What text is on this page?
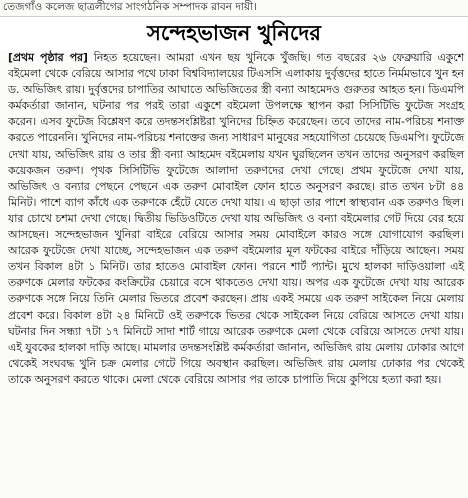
তেজগাঁও কলেজ ছাত্রলীগের সাংগঠনিক সম্পাদক রাবন দায়ী।
সন্দেহভাজন খুনিদের
[প্রথম পৃষ্ঠার পর] নিহত হয়েছেন। আমরা এখন ছয় খুনিকে খুঁজছি। গত বছরের ২৬ ফেব্রুয়ারি একুশে বইমেলা থেকে বেরিয়ে আসার পথে ঢাকা বিশ্ববিদ্যালয়ের টিএসসি এলাকায় দুর্বৃত্তদের হাতে নির্মমভাবে খুন হন ড. অভিজিৎ রায়। দুর্বৃত্তদের চাপাতির আঘাতে অভিজিতের স্ত্রী বন্যা আহমেদও গুরুতর আহত হন। ডিএমপি কর্মকর্তারা জানান, ঘটনার পর পরই তারা একুশে বইমেলা উপলক্ষে স্থাপন করা সিসিটিভি ফুটেজ সংগ্রহ করেন। এসব ফুটেজ বিশ্লেষণ করে তদন্তসংশ্লিষ্টরা খুনিদের চিহ্নিত করেছেন। তবে তাদের নাম-পরিচয় শনাক্ত করতে পারেননি। খুনিদের নাম-পরিচয় শনাক্তের জন্য সাধারণ মানুষের সহযোগিতা চেয়েছে ডিএমপি। ফুটেজে দেখা যায়, অভিজিৎ রায় ও তার স্ত্রী বন্যা আহমেদ বইমেলায় যখন ঘুরছিলেন তখন তাদের অনুসরণ করছিল কয়েকজন তরুণ। পৃথক সিসিটিভি ফুটেজে আলাদা তরুণদের দেখা গেছে। প্রথম ফুটেজে দেখা যায়, অভিজিৎ ও বন্যার পেছনে পেছনে এক তরুণ মোবাইল ফোন হাতে অনুসরণ করছে। রাত তখন ৮টা ৪৪ মিনিট। পাশে ব্যাগ কাঁধে এক তরুণকে হেঁটে যেতে দেখা যায়। এ ছাড়া তার পাশে স্বাস্থ্যবান এক তরুণও ছিল। যার চোখে চশমা দেখা গেছে। দ্বিতীয় ভিডিওটিতে দেখা যায় অভিজিৎ ও বন্যা বইমেলার গেট দিয়ে বের হয়ে আসছেন। সন্দেহভাজন খুনিরা বাইরে বেরিয়ে আসার সময় মোবাইলে কারও সঙ্গে যোগাযোগ করছিল। আরেক ফুটেজে দেখা যাচ্ছে, সন্দেহভাজন এক তরুণ বইমেলার মূল ফটকের বাইরে দাঁড়িয়ে আছেন। সময় তখন বিকাল ৪টা ১ মিনিট। তার হাতেও মোবাইল ফোন। পরনে শার্ট প্যান্ট। মুখে হালকা দাড়িওয়ালা এই তরুণকে মেলার ফটকের কংক্রিটের চেয়ারে বসে থাকতেও দেখা যায়। অপর এক ফুটেজে দেখা যায় আরেক তরুণকে সঙ্গে নিয়ে তিনি মেলার ভিতরে প্রবেশ করছেন। প্রায় একই সময়ে এক তরুণ সাইকেল নিয়ে মেলায় প্রবেশ করে। বিকাল ৪টা ২৪ মিনিটে ওই তরুণকে ভিতর থেকে সাইকেল নিয়ে বেরিয়ে আসতে দেখা যায়। ঘটনার দিন সন্ধ্যা ৭টা ১৭ মিনিটে সাদা শার্ট গায়ে আরেক তরুণকে মেলা থেকে বেরিয়ে আসতে দেখা যায়। এই যুবকের হালকা দাড়ি আছে। মামলার তদন্তসংশ্লিষ্ট কর্মকর্তারা জানান, অভিজিৎ রায় মেলায় ঢোকার আগে থেকেই সংঘবদ্ধ খুনি চক্র মেলার গেটে গিয়ে অবস্থান করছিল। অভিজিৎ রায় মেলায় ঢোকার পর থেকেই তাকে অনুসরণ করতে থাকে। মেলা থেকে বেরিয়ে আসার পর তাকে চাপাতি দিয়ে কুপিয়ে হত্যা করা হয়।
